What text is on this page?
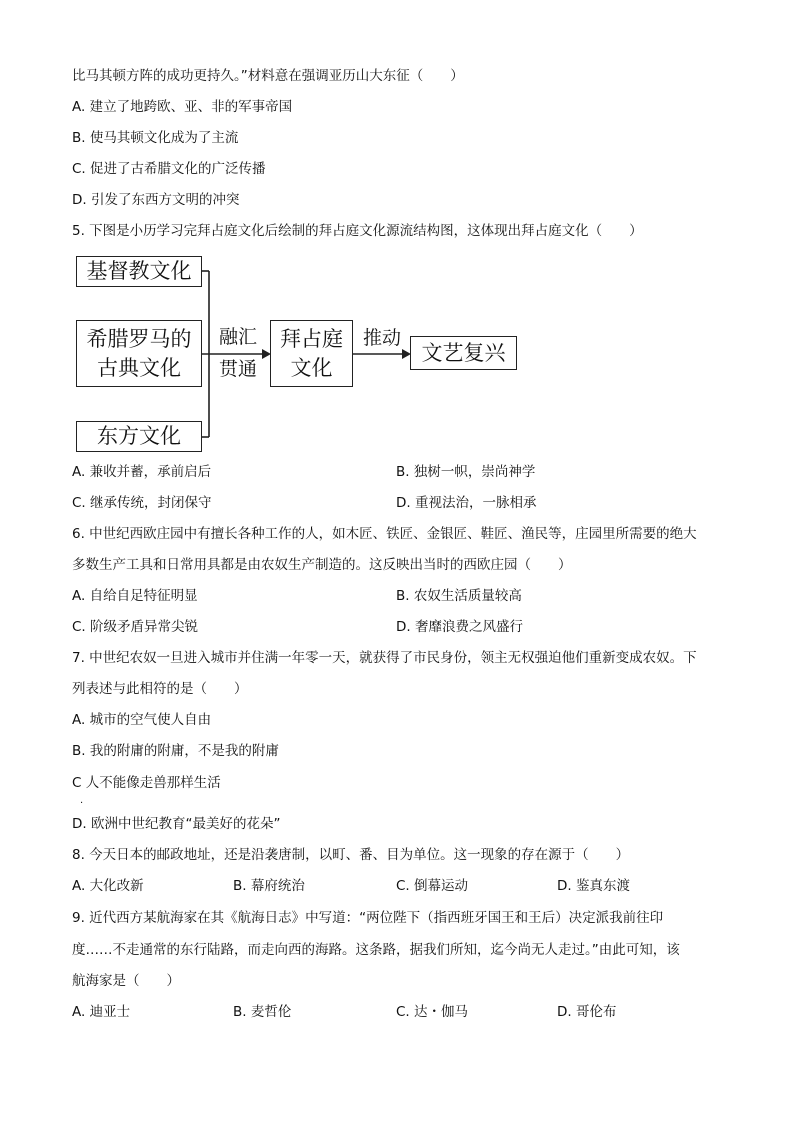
比马其顿方阵的成功更持久。”材料意在强调亚历山大东征（　　）
A. 建立了地跨欧、亚、非的军事帝国
B. 使马其顿文化成为了主流
C. 促进了古希腊文化的广泛传播
D. 引发了东西方文明的冲突
5. 下图是小历学习完拜占庭文化后绘制的拜占庭文化源流结构图，这体现出拜占庭文化（　　）
基督教文化
希腊罗马的
古典文化
东方文化
融汇
贯通
拜占庭
文化
推动
文艺复兴
A. 兼收并蓄，承前启后	B. 独树一帜，崇尚神学
C. 继承传统，封闭保守	D. 重视法治，一脉相承
6. 中世纪西欧庄园中有擅长各种工作的人，如木匠、铁匠、金银匠、鞋匠、渔民等，庄园里所需要的绝大
多数生产工具和日常用具都是由农奴生产制造的。这反映出当时的西欧庄园（　　）
A. 自给自足特征明显	B. 农奴生活质量较高
C. 阶级矛盾异常尖锐	D. 奢靡浪费之风盛行
7. 中世纪农奴一旦进入城市并住满一年零一天，就获得了市民身份，领主无权强迫他们重新变成农奴。下
列表述与此相符的是（　　）
A. 城市的空气使人自由
B. 我的附庸的附庸，不是我的附庸
C 人不能像走兽那样生活
.
D. 欧洲中世纪教育“最美好的花朵”
8. 今天日本的邮政地址，还是沿袭唐制，以町、番、目为单位。这一现象的存在源于（　　）
A. 大化改新	B. 幕府统治	C. 倒幕运动	D. 鉴真东渡
9. 近代西方某航海家在其《航海日志》中写道：“两位陛下（指西班牙国王和王后）决定派我前往印
度……不走通常的东行陆路，而走向西的海路。这条路，据我们所知，迄今尚无人走过。”由此可知，该
航海家是（　　）
A. 迪亚士	B. 麦哲伦	C. 达・伽马	D. 哥伦布
